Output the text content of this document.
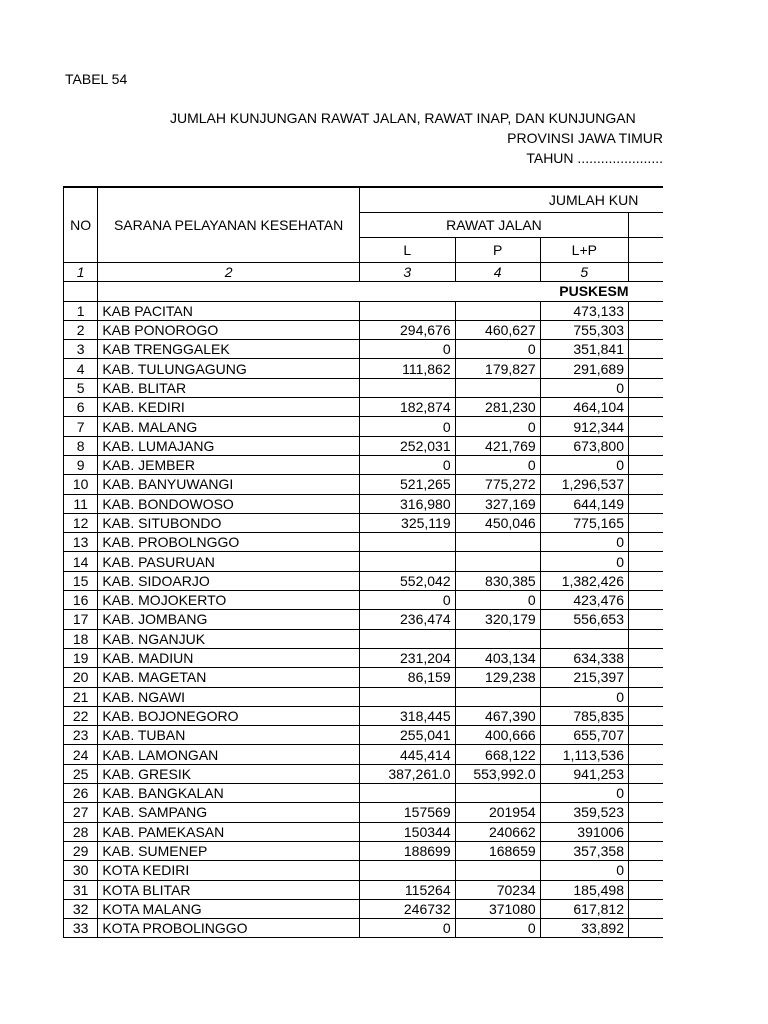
TABEL 54
JUMLAH KUNJUNGAN RAWAT JALAN, RAWAT INAP, DAN KUNJUNGAN
PROVINSI JAWA TIMUR
TAHUN ......................
NO	SARANA PELAYANAN KESEHATAN	JUMLAH KUN			
		RAWAT JALAN			
		L	P	L+P	
1	2	3	4	5	
	PUSKESM				
1	KAB PACITAN			473,133	
2	KAB PONOROGO	294,676	460,627	755,303	
3	KAB TRENGGALEK	0	0	351,841	
4	KAB. TULUNGAGUNG	111,862	179,827	291,689	
5	KAB. BLITAR			0	
6	KAB. KEDIRI	182,874	281,230	464,104	
7	KAB. MALANG	0	0	912,344	
8	KAB. LUMAJANG	252,031	421,769	673,800	
9	KAB. JEMBER	0	0	0	
10	KAB. BANYUWANGI	521,265	775,272	1,296,537	
11	KAB. BONDOWOSO	316,980	327,169	644,149	
12	KAB. SITUBONDO	325,119	450,046	775,165	
13	KAB. PROBOLNGGO			0	
14	KAB. PASURUAN			0	
15	KAB. SIDOARJO	552,042	830,385	1,382,426	
16	KAB. MOJOKERTO	0	0	423,476	
17	KAB. JOMBANG	236,474	320,179	556,653	
18	KAB. NGANJUK				
19	KAB. MADIUN	231,204	403,134	634,338	
20	KAB. MAGETAN	86,159	129,238	215,397	
21	KAB. NGAWI			0	
22	KAB. BOJONEGORO	318,445	467,390	785,835	
23	KAB. TUBAN	255,041	400,666	655,707	
24	KAB. LAMONGAN	445,414	668,122	1,113,536	
25	KAB. GRESIK	387,261.0	553,992.0	941,253	
26	KAB. BANGKALAN			0	
27	KAB. SAMPANG	157569	201954	359,523	
28	KAB. PAMEKASAN	150344	240662	391006	
29	KAB. SUMENEP	188699	168659	357,358	
30	KOTA KEDIRI			0	
31	KOTA BLITAR	115264	70234	185,498	
32	KOTA MALANG	246732	371080	617,812	
33	KOTA PROBOLINGGO	0	0	33,892	
